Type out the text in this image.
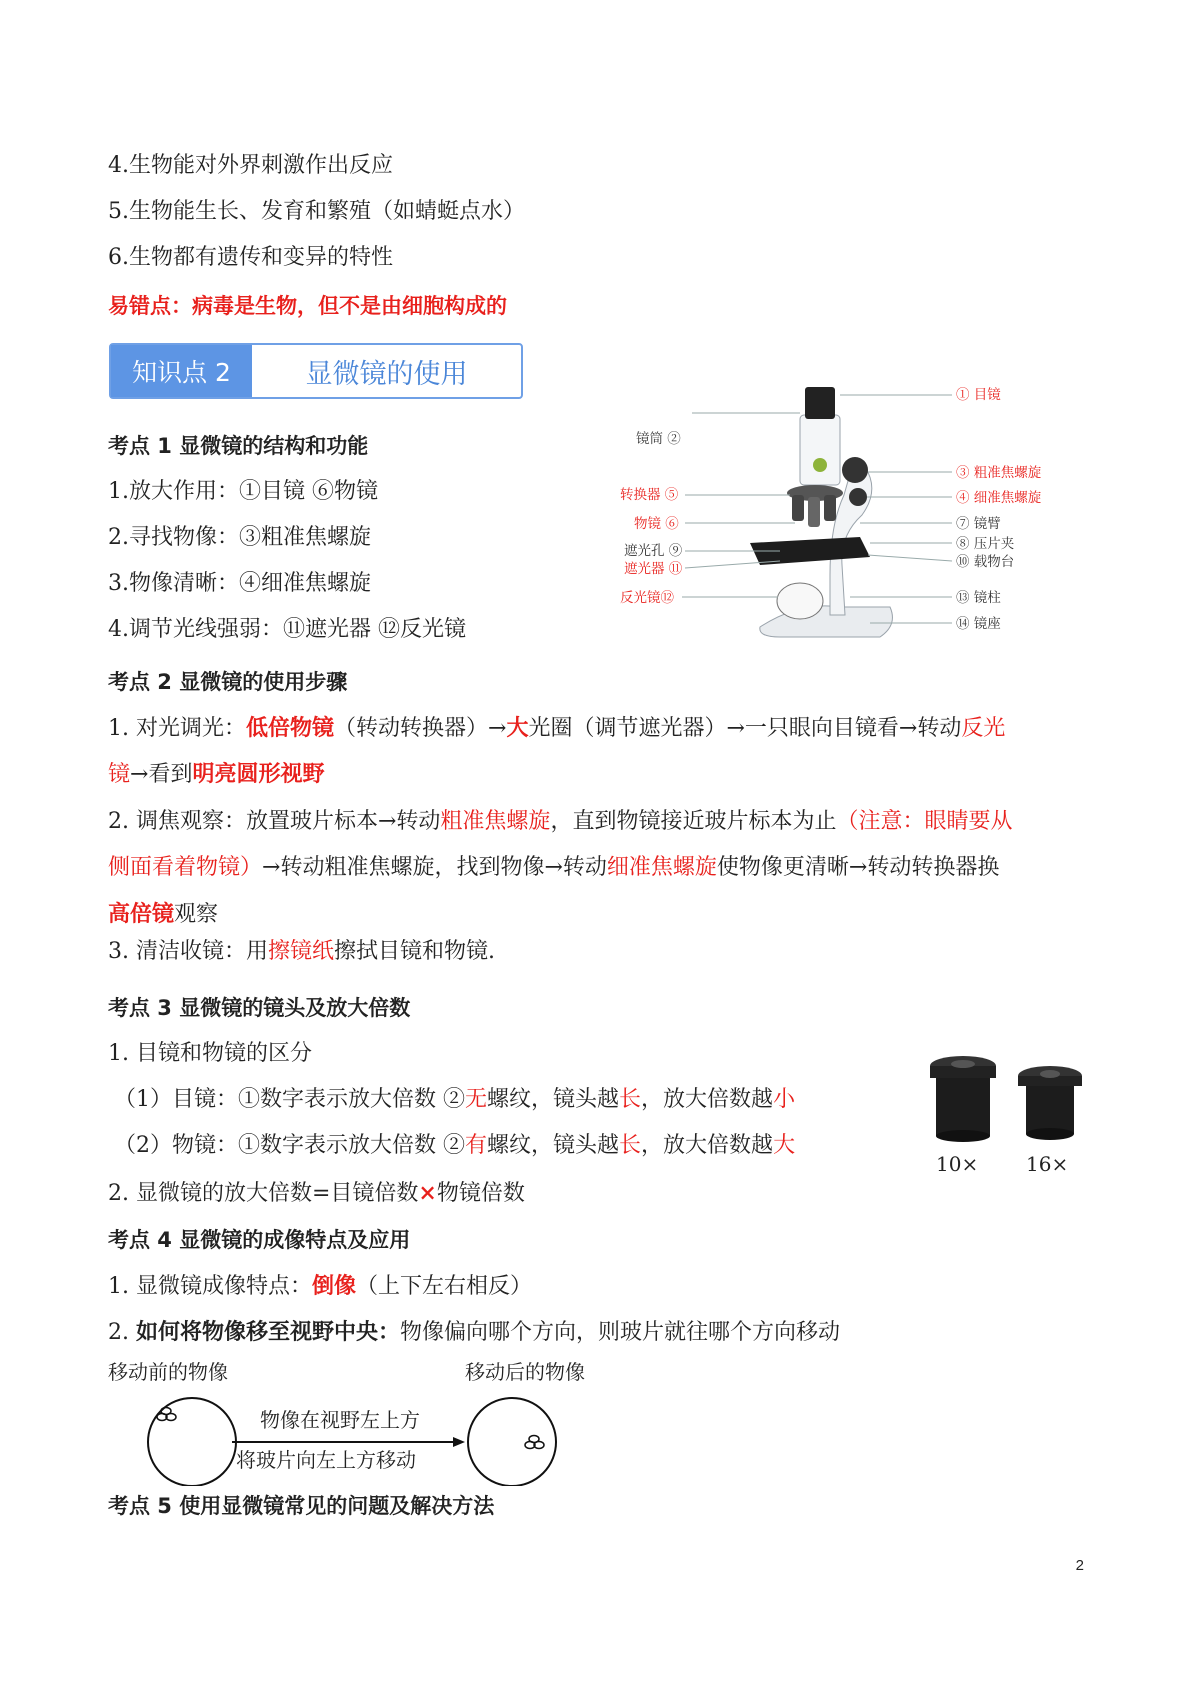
4.生物能对外界刺激作出反应
5.生物能生长、发育和繁殖（如蜻蜓点水）
6.生物都有遗传和变异的特性
易错点：病毒是生物，但不是由细胞构成的
知识点 2	显微镜的使用
考点 1 显微镜的结构和功能
1.放大作用：①目镜 ⑥物镜
2.寻找物像：③粗准焦螺旋
3.物像清晰：④细准焦螺旋
4.调节光线强弱：⑪遮光器 ⑫反光镜
镜筒 ②
转换器 ⑤
物镜 ⑥
遮光孔 ⑨
遮光器 ⑪
反光镜⑫
① 目镜
③ 粗准焦螺旋
④ 细准焦螺旋
⑦ 镜臂
⑧ 压片夹
⑩ 载物台
⑬ 镜柱
⑭ 镜座
考点 2 显微镜的使用步骤
1. 对光调光：低倍物镜（转动转换器）→大光圈（调节遮光器）→一只眼向目镜看→转动反光
镜→看到明亮圆形视野
2. 调焦观察：放置玻片标本→转动粗准焦螺旋，直到物镜接近玻片标本为止（注意：眼睛要从
侧面看着物镜）→转动粗准焦螺旋，找到物像→转动细准焦螺旋使物像更清晰→转动转换器换
高倍镜观察
3. 清洁收镜：用擦镜纸擦拭目镜和物镜.
考点 3 显微镜的镜头及放大倍数
1. 目镜和物镜的区分
（1）目镜：①数字表示放大倍数 ②无螺纹，镜头越长，放大倍数越小
（2）物镜：①数字表示放大倍数 ②有螺纹，镜头越长，放大倍数越大
2. 显微镜的放大倍数=目镜倍数×物镜倍数
10× 16×
考点 4 显微镜的成像特点及应用
1. 显微镜成像特点：倒像（上下左右相反）
2. 如何将物像移至视野中央：物像偏向哪个方向，则玻片就往哪个方向移动
移动前的物像	移动后的物像
物像在视野左上方
将玻片向左上方移动
考点 5 使用显微镜常见的问题及解决方法
2
